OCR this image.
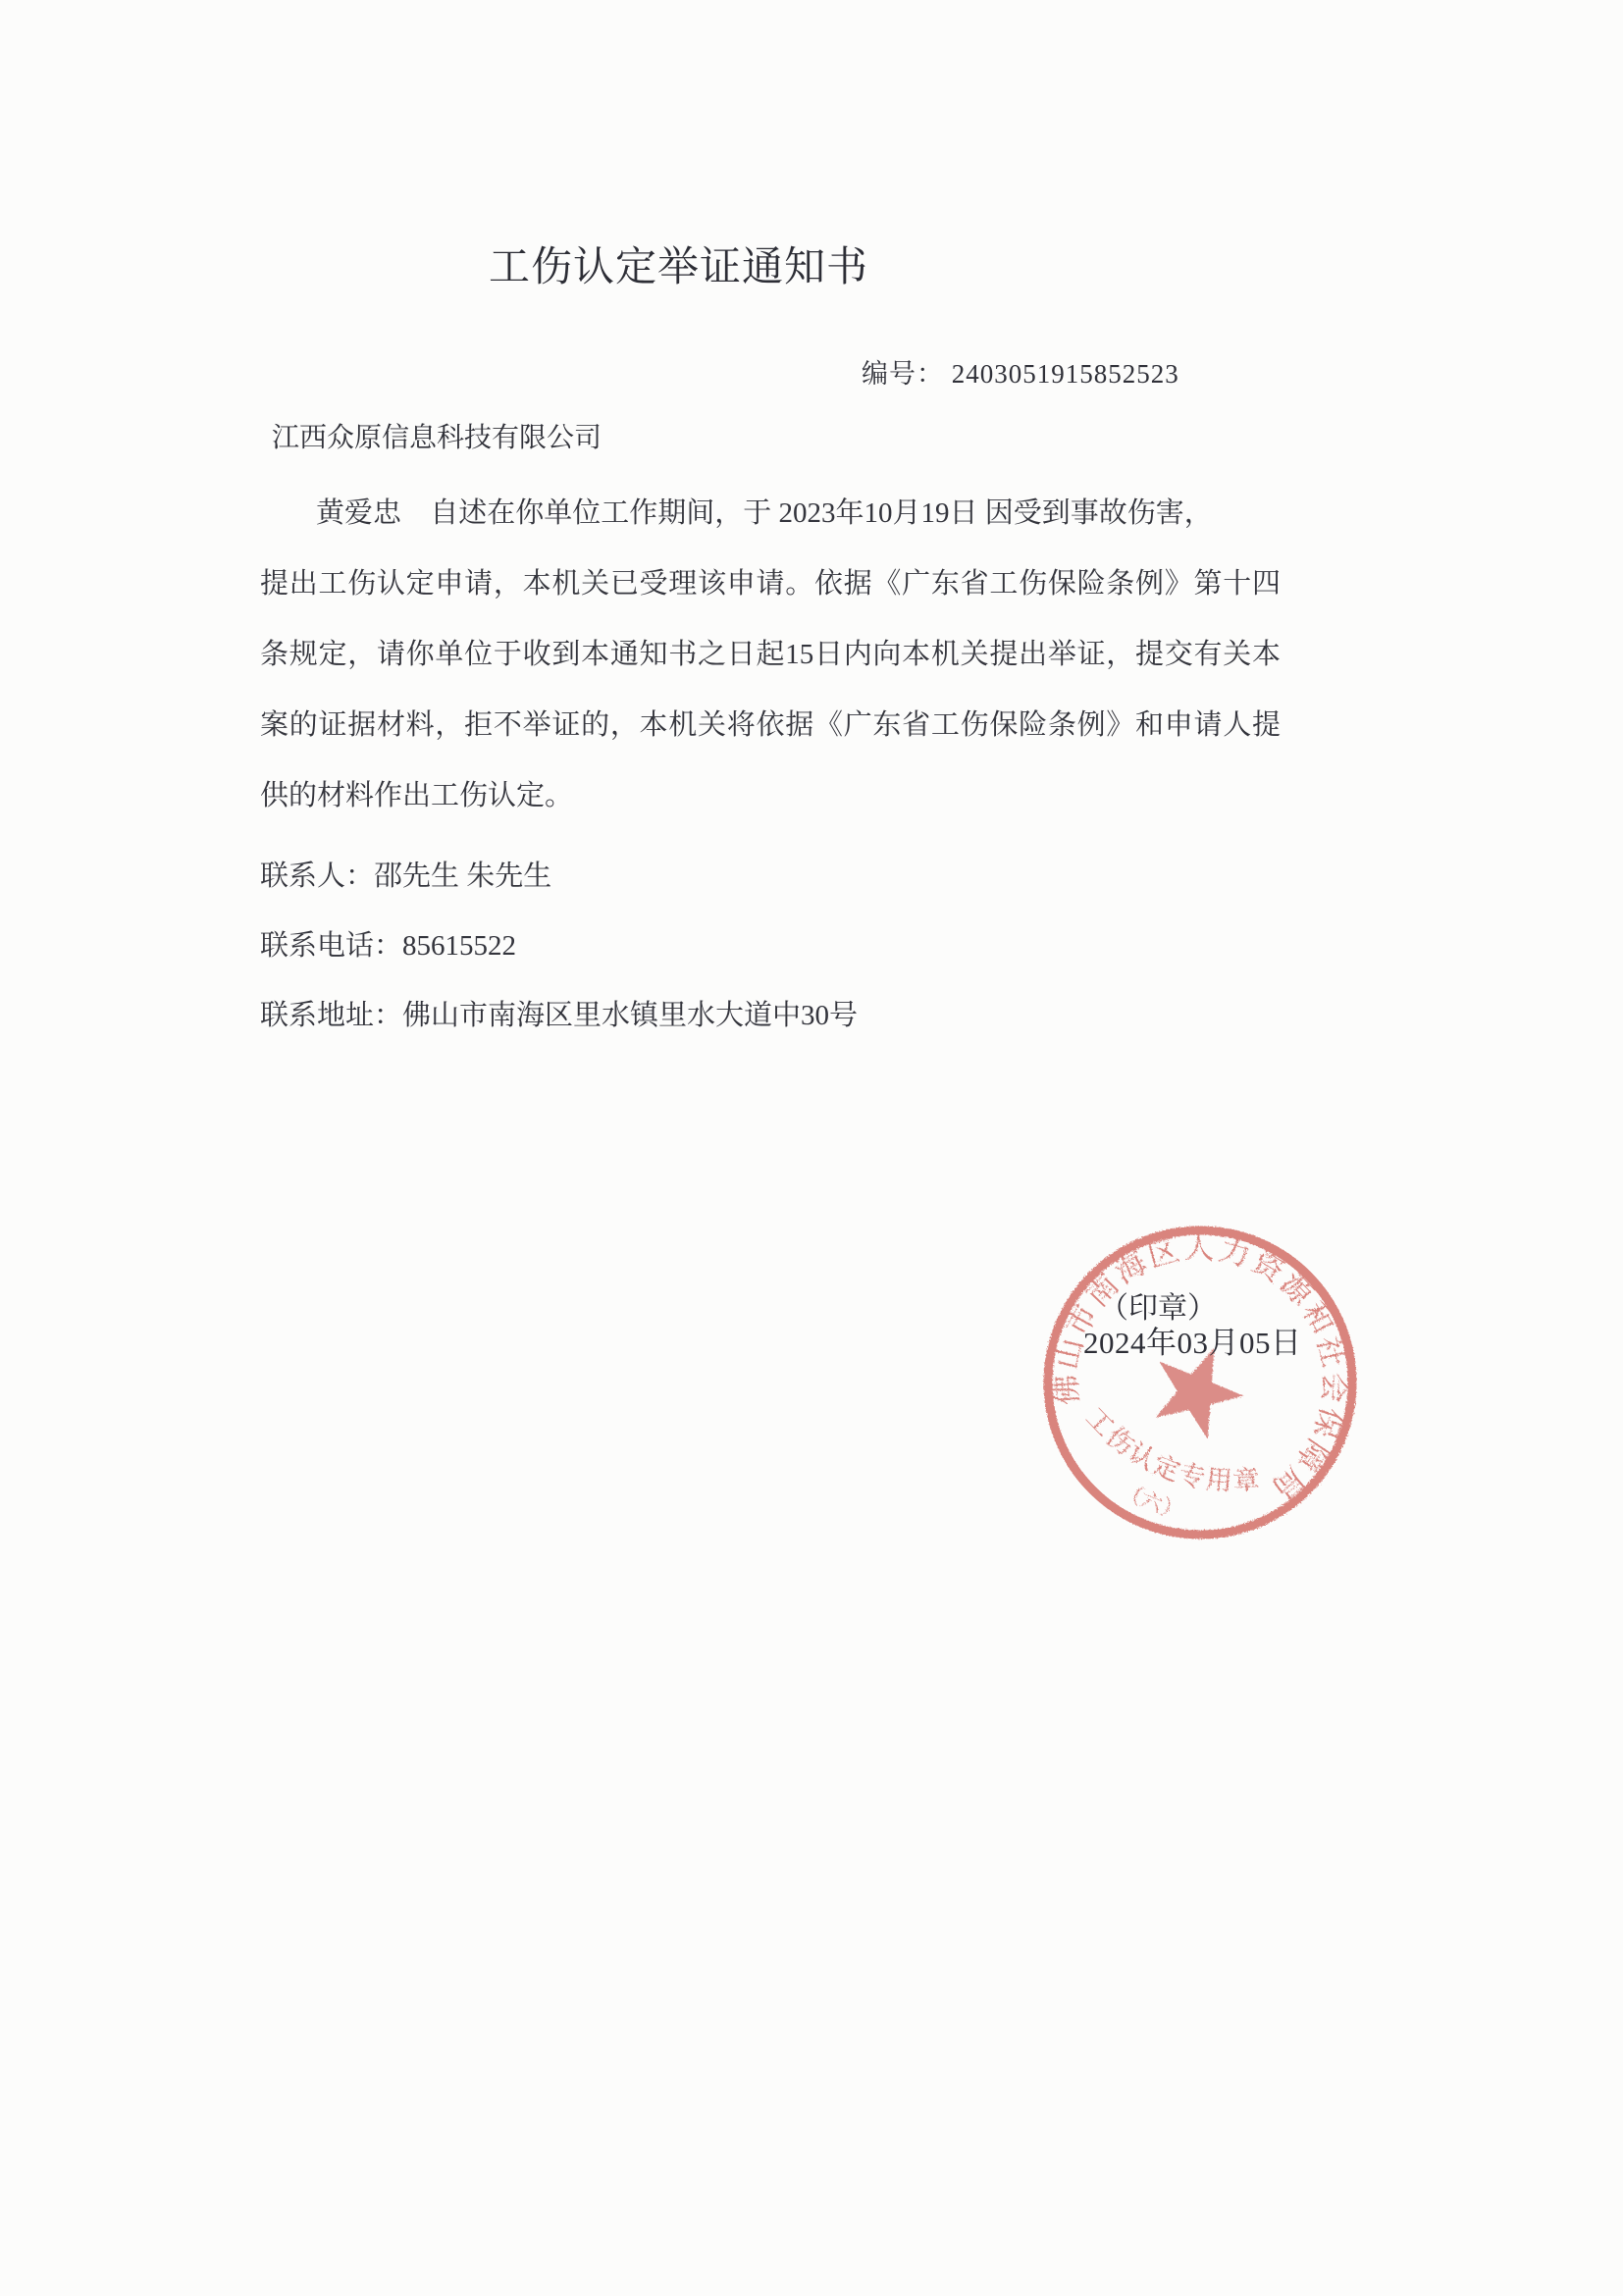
工伤认定举证通知书
编号： 2403051915852523
江西众原信息科技有限公司
黄爱忠 自述在你单位工作期间，于 2023年10月19日 因受到事故伤害，
提出工伤认定申请，本机关已受理该申请。依据《广东省工伤保险条例》第十四
条规定，请你单位于收到本通知书之日起15日内向本机关提出举证，提交有关本
案的证据材料，拒不举证的，本机关将依据《广东省工伤保险条例》和申请人提
供的材料作出工伤认定。
联系人：邵先生 朱先生
联系电话：85615522
联系地址：佛山市南海区里水镇里水大道中30号
佛山市南海区人力资源和社会保障局
工伤认定专用章
（六）
（印章）
2024年03月05日
